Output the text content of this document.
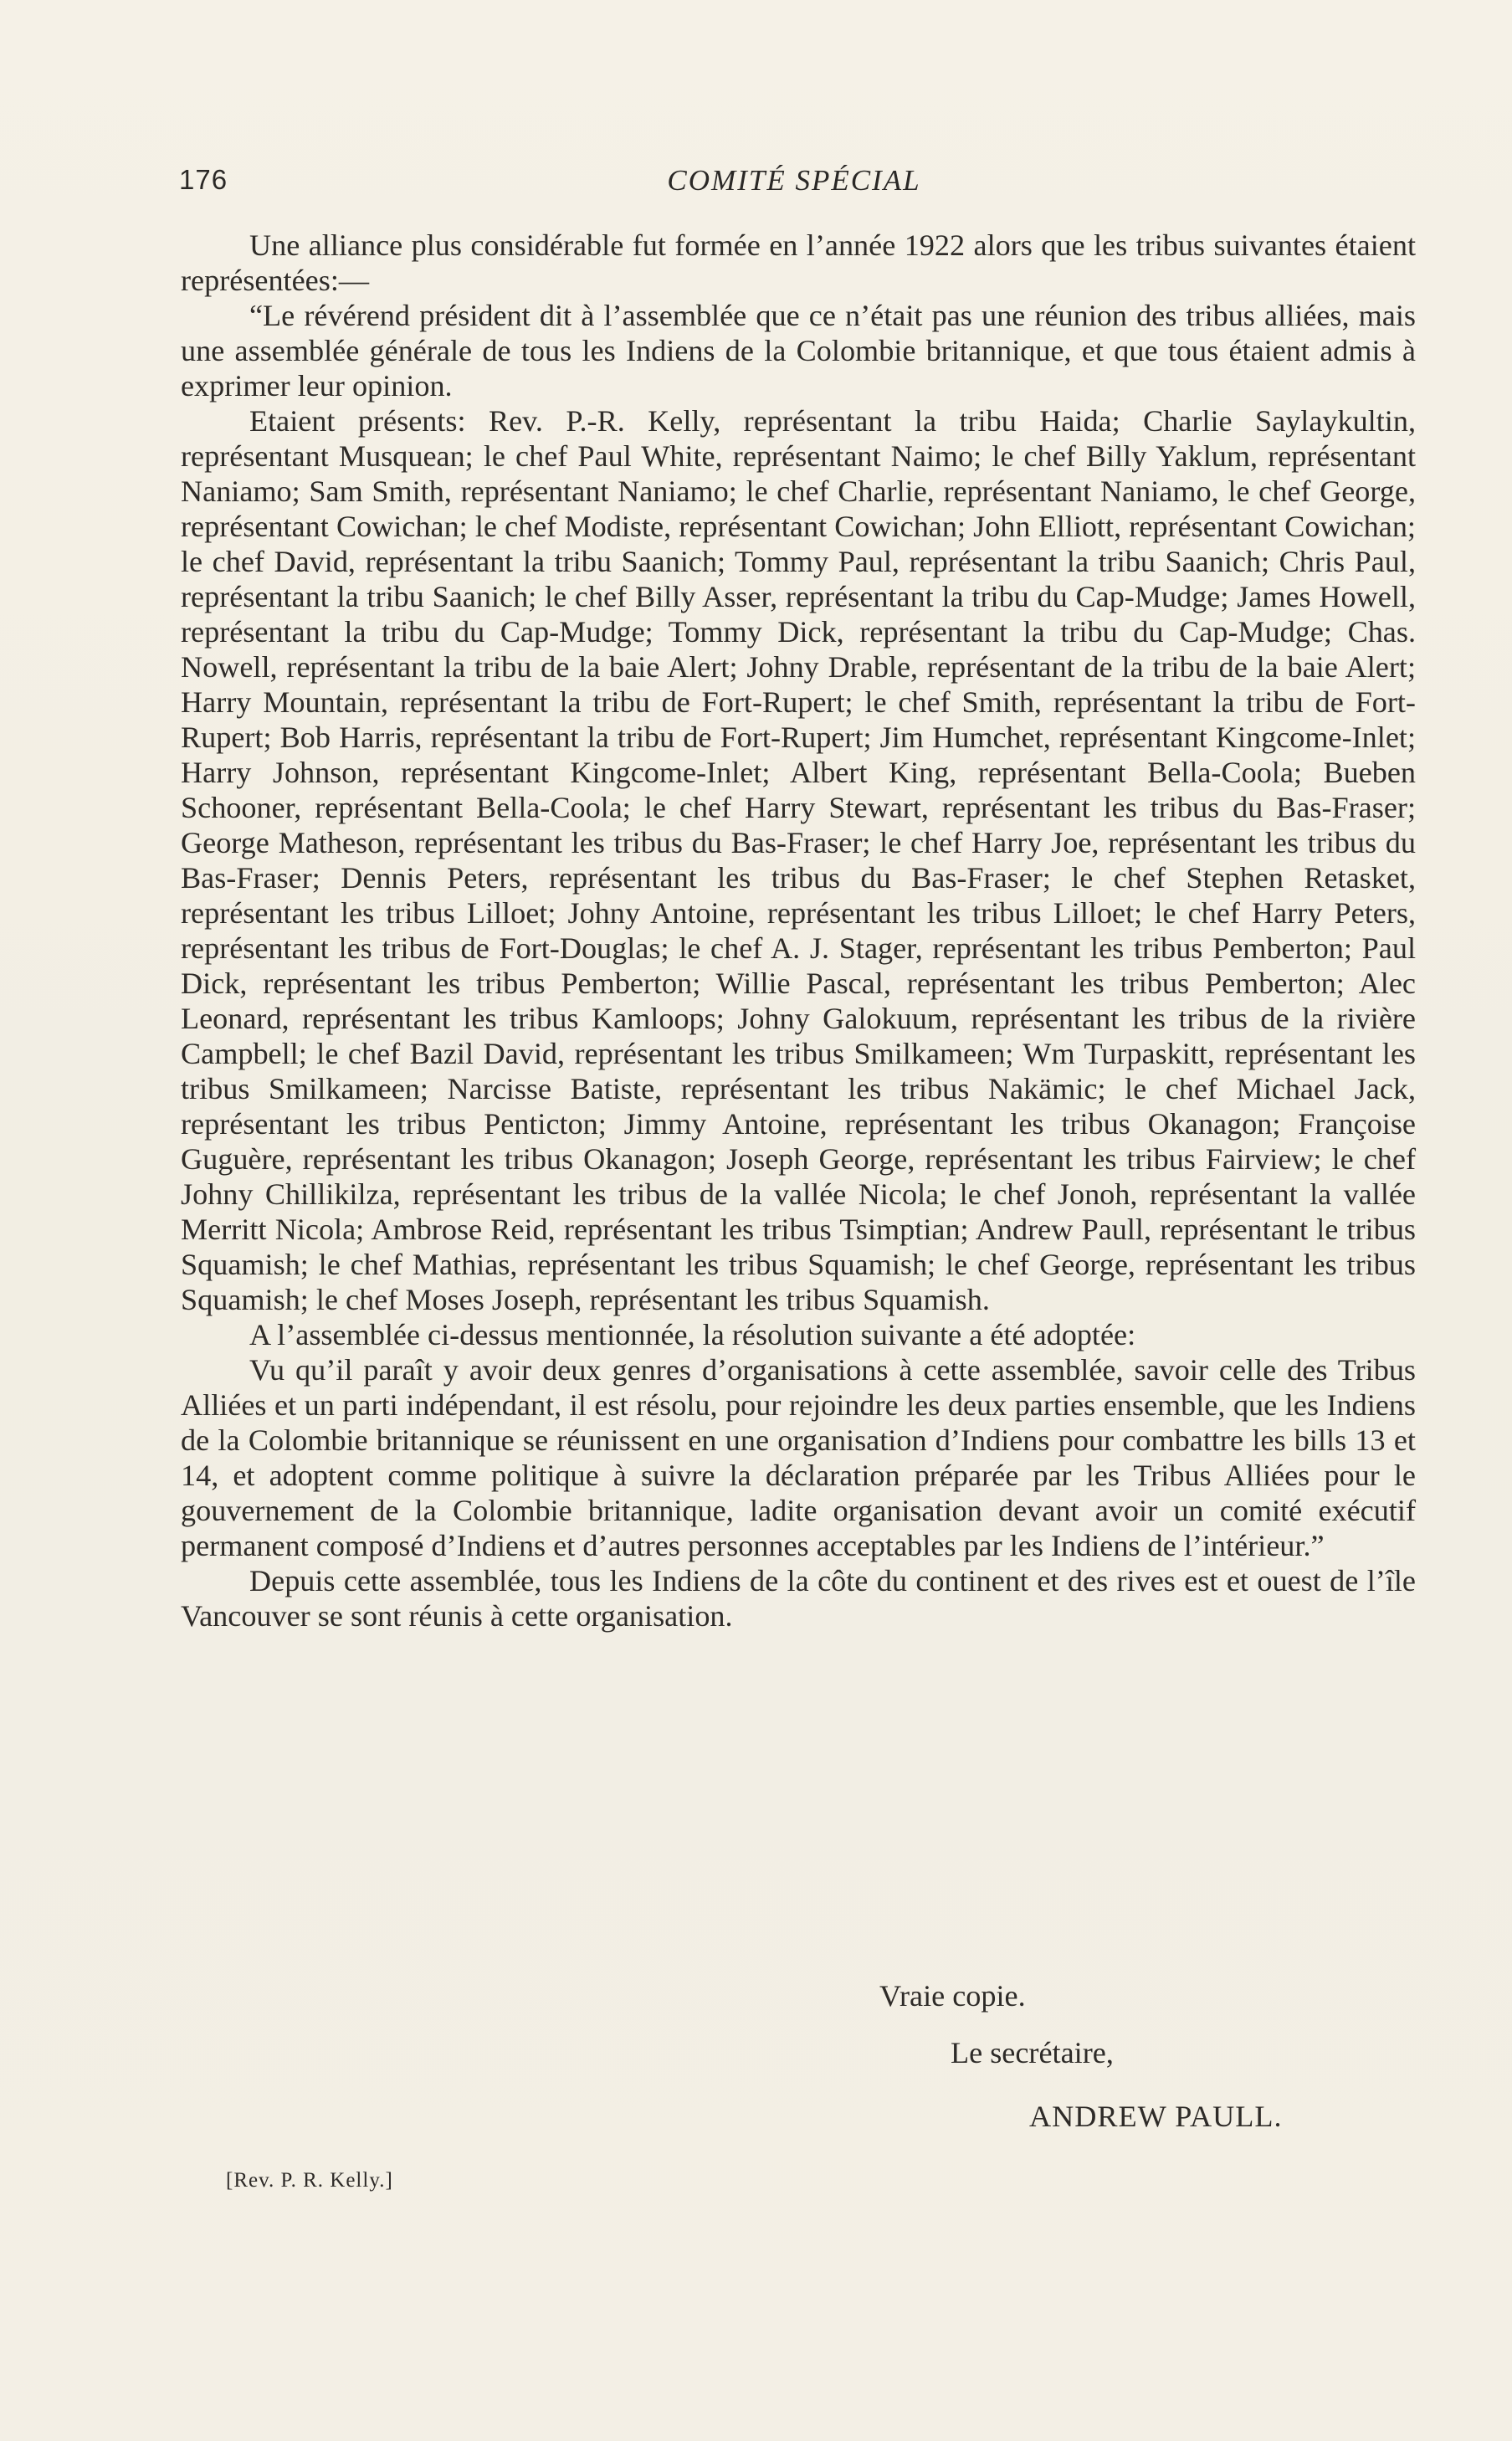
176	COMITÉ SPÉCIAL

Une alliance plus considérable fut formée en l’année 1922 alors que les tribus suivantes étaient représentées:—

“Le révérend président dit à l’assemblée que ce n’était pas une réunion des tribus alliées, mais une assemblée générale de tous les Indiens de la Colombie britannique, et que tous étaient admis à exprimer leur opinion.

Etaient présents: Rev. P.-R. Kelly, représentant la tribu Haida; Charlie Saylaykultin, représentant Musquean; le chef Paul White, représentant Naimo; le chef Billy Yaklum, représentant Naniamo; Sam Smith, représentant Naniamo; le chef Charlie, représentant Naniamo, le chef George, représentant Cowichan; le chef Modiste, représentant Cowichan; John Elliott, représentant Cowichan; le chef David, représentant la tribu Saanich; Tommy Paul, représentant la tribu Saanich; Chris Paul, représentant la tribu Saanich; le chef Billy Asser, représentant la tribu du Cap-Mudge; James Howell, représentant la tribu du Cap-Mudge; Tommy Dick, représentant la tribu du Cap-Mudge; Chas. Nowell, représentant la tribu de la baie Alert; Johny Drable, représentant de la tribu de la baie Alert; Harry Mountain, représentant la tribu de Fort-Rupert; le chef Smith, représentant la tribu de Fort-Rupert; Bob Harris, représentant la tribu de Fort-Rupert; Jim Humchet, représentant Kingcome-Inlet; Harry Johnson, représentant Kingcome-Inlet; Albert King, représentant Bella-Coola; Bueben Schooner, représentant Bella-Coola; le chef Harry Stewart, représentant les tribus du Bas-Fraser; George Matheson, représentant les tribus du Bas-Fraser; le chef Harry Joe, représentant les tribus du Bas-Fraser; Dennis Peters, représentant les tribus du Bas-Fraser; le chef Stephen Retasket, représentant les tribus Lilloet; Johny Antoine, représentant les tribus Lilloet; le chef Harry Peters, représentant les tribus de Fort-Douglas; le chef A. J. Stager, représentant les tribus Pemberton; Paul Dick, représentant les tribus Pemberton; Willie Pascal, représentant les tribus Pemberton; Alec Leonard, représentant les tribus Kamloops; Johny Galokuum, représentant les tribus de la rivière Campbell; le chef Bazil David, représentant les tribus Smilkameen; Wm Turpaskitt, représentant les tribus Smilkameen; Narcisse Batiste, représentant les tribus Nakämic; le chef Michael Jack, représentant les tribus Penticton; Jimmy Antoine, représentant les tribus Okanagon; Françoise Guguère, représentant les tribus Okanagon; Joseph George, représentant les tribus Fairview; le chef Johny Chillikilza, représentant les tribus de la vallée Nicola; le chef Jonoh, représentant la vallée Merritt Nicola; Ambrose Reid, représentant les tribus Tsimptian; Andrew Paull, représentant le tribus Squamish; le chef Mathias, représentant les tribus Squamish; le chef George, représentant les tribus Squamish; le chef Moses Joseph, représentant les tribus Squamish.

A l’assemblée ci-dessus mentionnée, la résolution suivante a été adoptée:

Vu qu’il paraît y avoir deux genres d’organisations à cette assemblée, savoir celle des Tribus Alliées et un parti indépendant, il est résolu, pour rejoindre les deux parties ensemble, que les Indiens de la Colombie britannique se réunissent en une organisation d’Indiens pour combattre les bills 13 et 14, et adoptent comme politique à suivre la déclaration préparée par les Tribus Alliées pour le gouvernement de la Colombie britannique, ladite organisation devant avoir un comité exécutif permanent composé d’Indiens et d’autres personnes acceptables par les Indiens de l’intérieur.”

Depuis cette assemblée, tous les Indiens de la côte du continent et des rives est et ouest de l’île Vancouver se sont réunis à cette organisation.

Vraie copie.
Le secrétaire,
ANDREW PAULL.
[Rev. P. R. Kelly.]
